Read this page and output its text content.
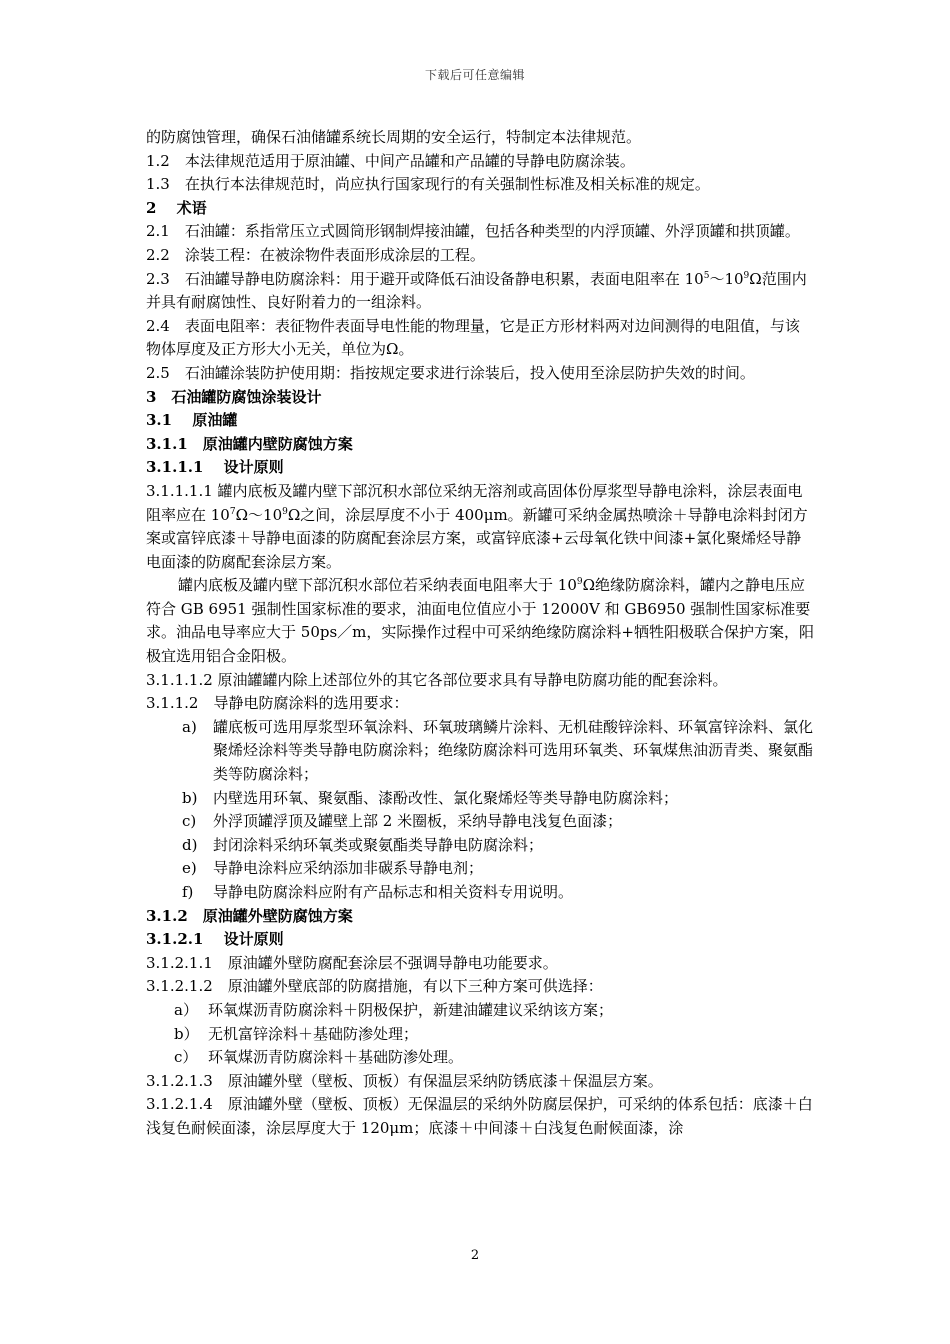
下载后可任意编辑

的防腐蚀管理，确保石油储罐系统长周期的安全运行，特制定本法律规范。

1.2　本法律规范适用于原油罐、中间产品罐和产品罐的导静电防腐涂装。

1.3　在执行本法律规范时，尚应执行国家现行的有关强制性标准及相关标准的规定。

2　 术语

2.1　石油罐：系指常压立式圆筒形钢制焊接油罐，包括各种类型的内浮顶罐、外浮顶罐和拱顶罐。

2.2　涂装工程：在被涂物件表面形成涂层的工程。

2.3　石油罐导静电防腐涂料：用于避开或降低石油设备静电积累，表面电阻率在 $10^5\sim 10^9\Omega$范围内并具有耐腐蚀性、良好附着力的一组涂料。

2.4　表面电阻率：表征物件表面导电性能的物理量，它是正方形材料两对边间测得的电阻值，与该物体厚度及正方形大小无关，单位为Ω。

2.5　石油罐涂装防护使用期：指按规定要求进行涂装后，投入使用至涂层防护失效的时间。

3　石油罐防腐蚀涂装设计

3.1　 原油罐

3.1.1　原油罐内壁防腐蚀方案

3.1.1.1　 设计原则

3.1.1.1.1 罐内底板及罐内壁下部沉积水部位采纳无溶剂或高固体份厚浆型导静电涂料，涂层表面电阻率应在 $10^7\Omega\sim 10^9\Omega$之间，涂层厚度不小于 400μm。新罐可采纳金属热喷涂＋导静电涂料封闭方案或富锌底漆＋导静电面漆的防腐配套涂层方案，或富锌底漆+云母氧化铁中间漆+氯化聚烯烃导静电面漆的防腐配套涂层方案。

罐内底板及罐内壁下部沉积水部位若采纳表面电阻率大于 $10^9\Omega$绝缘防腐涂料，罐内之静电压应符合 GB 6951 强制性国家标准的要求，油面电位值应小于 12000V 和 GB6950 强制性国家标准要求。油品电导率应大于 50ps／m，实际操作过程中可采纳绝缘防腐涂料+牺牲阳极联合保护方案，阳极宜选用铝合金阳极。

3.1.1.1.2 原油罐罐内除上述部位外的其它各部位要求具有导静电防腐功能的配套涂料。

3.1.1.2　导静电防腐涂料的选用要求：

a) 罐底板可选用厚浆型环氧涂料、环氧玻璃鳞片涂料、无机硅酸锌涂料、环氧富锌涂料、氯化聚烯烃涂料等类导静电防腐涂料；绝缘防腐涂料可选用环氧类、环氧煤焦油沥青类、聚氨酯类等防腐涂料；
b) 内壁选用环氧、聚氨酯、漆酚改性、氯化聚烯烃等类导静电防腐涂料；
c) 外浮顶罐浮顶及罐壁上部 2 米圈板，采纳导静电浅复色面漆；
d) 封闭涂料采纳环氧类或聚氨酯类导静电防腐涂料；
e) 导静电涂料应采纳添加非碳系导静电剂；
f) 导静电防腐涂料应附有产品标志和相关资料专用说明。

3.1.2　原油罐外壁防腐蚀方案

3.1.2.1　 设计原则

3.1.2.1.1　原油罐外壁防腐配套涂层不强调导静电功能要求。

3.1.2.1.2　原油罐外壁底部的防腐措施，有以下三种方案可供选择：

a） 环氧煤沥青防腐涂料＋阴极保护，新建油罐建议采纳该方案；
b） 无机富锌涂料＋基础防渗处理；
c） 环氧煤沥青防腐涂料＋基础防渗处理。

3.1.2.1.3　原油罐外壁（壁板、顶板）有保温层采纳防锈底漆＋保温层方案。

3.1.2.1.4　原油罐外壁（壁板、顶板）无保温层的采纳外防腐层保护，可采纳的体系包括：底漆＋白浅复色耐候面漆，涂层厚度大于 120μm；底漆＋中间漆＋白浅复色耐候面漆，涂

2
